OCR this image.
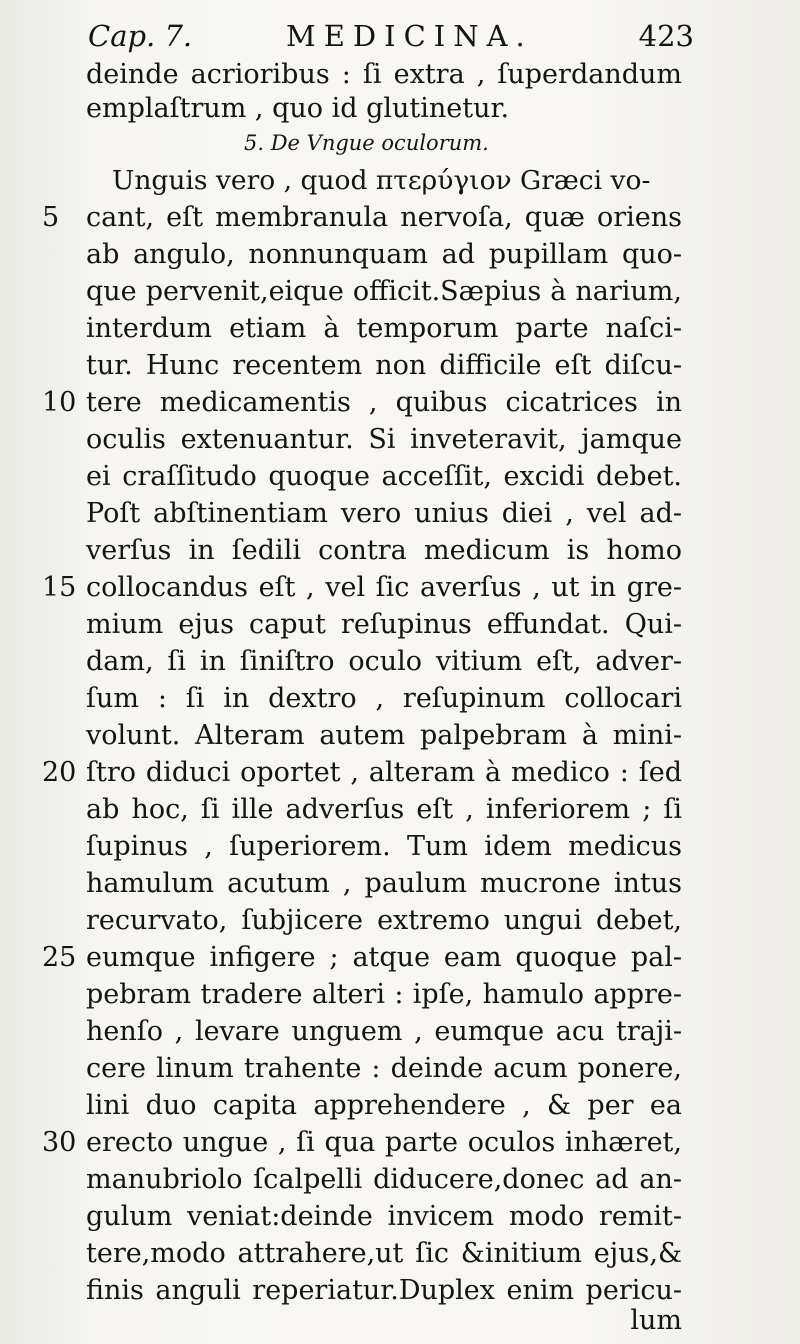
Cap. 7.	MEDICINA.	423
deinde acrioribus : ſi extra , ſuperdandum
emplaſtrum , quo id glutinetur.
5. De Vngue oculorum.
Unguis vero , quod πτερύγιον Græci vo-
cant, eſt membranula nervoſa, quæ oriens
ab angulo, nonnunquam ad pupillam quo-
que pervenit,eique officit.Sæpius à narium,
interdum etiam à temporum parte naſci-
tur. Hunc recentem non difficile eſt diſcu-
tere medicamentis , quibus cicatrices in
oculis extenuantur. Si inveteravit, jamque
ei craſſitudo quoque acceſſit, excidi debet.
Poſt abſtinentiam vero unius diei , vel ad-
verſus in ſedili contra medicum is homo
collocandus eſt , vel ſic averſus , ut in gre-
mium ejus caput reſupinus effundat. Qui-
dam, ſi in ſiniſtro oculo vitium eſt, adver-
ſum : ſi in dextro , reſupinum collocari
volunt. Alteram autem palpebram à mini-
ſtro diduci oportet , alteram à medico : ſed
ab hoc, ſi ille adverſus eſt , inferiorem ; ſi
ſupinus , ſuperiorem. Tum idem medicus
hamulum acutum , paulum mucrone intus
recurvato, ſubjicere extremo ungui debet,
eumque infigere ; atque eam quoque pal-
pebram tradere alteri : ipſe, hamulo appre-
henſo , levare unguem , eumque acu traji-
cere linum trahente : deinde acum ponere,
lini duo capita apprehendere , & per ea
erecto ungue , ſi qua parte oculos inhæret,
manubriolo ſcalpelli diducere,donec ad an-
gulum veniat:deinde invicem modo remit-
tere,modo attrahere,ut ſic &initium ejus,&
finis anguli reperiatur.Duplex enim pericu-
lum
5
10
15
20
25
30
